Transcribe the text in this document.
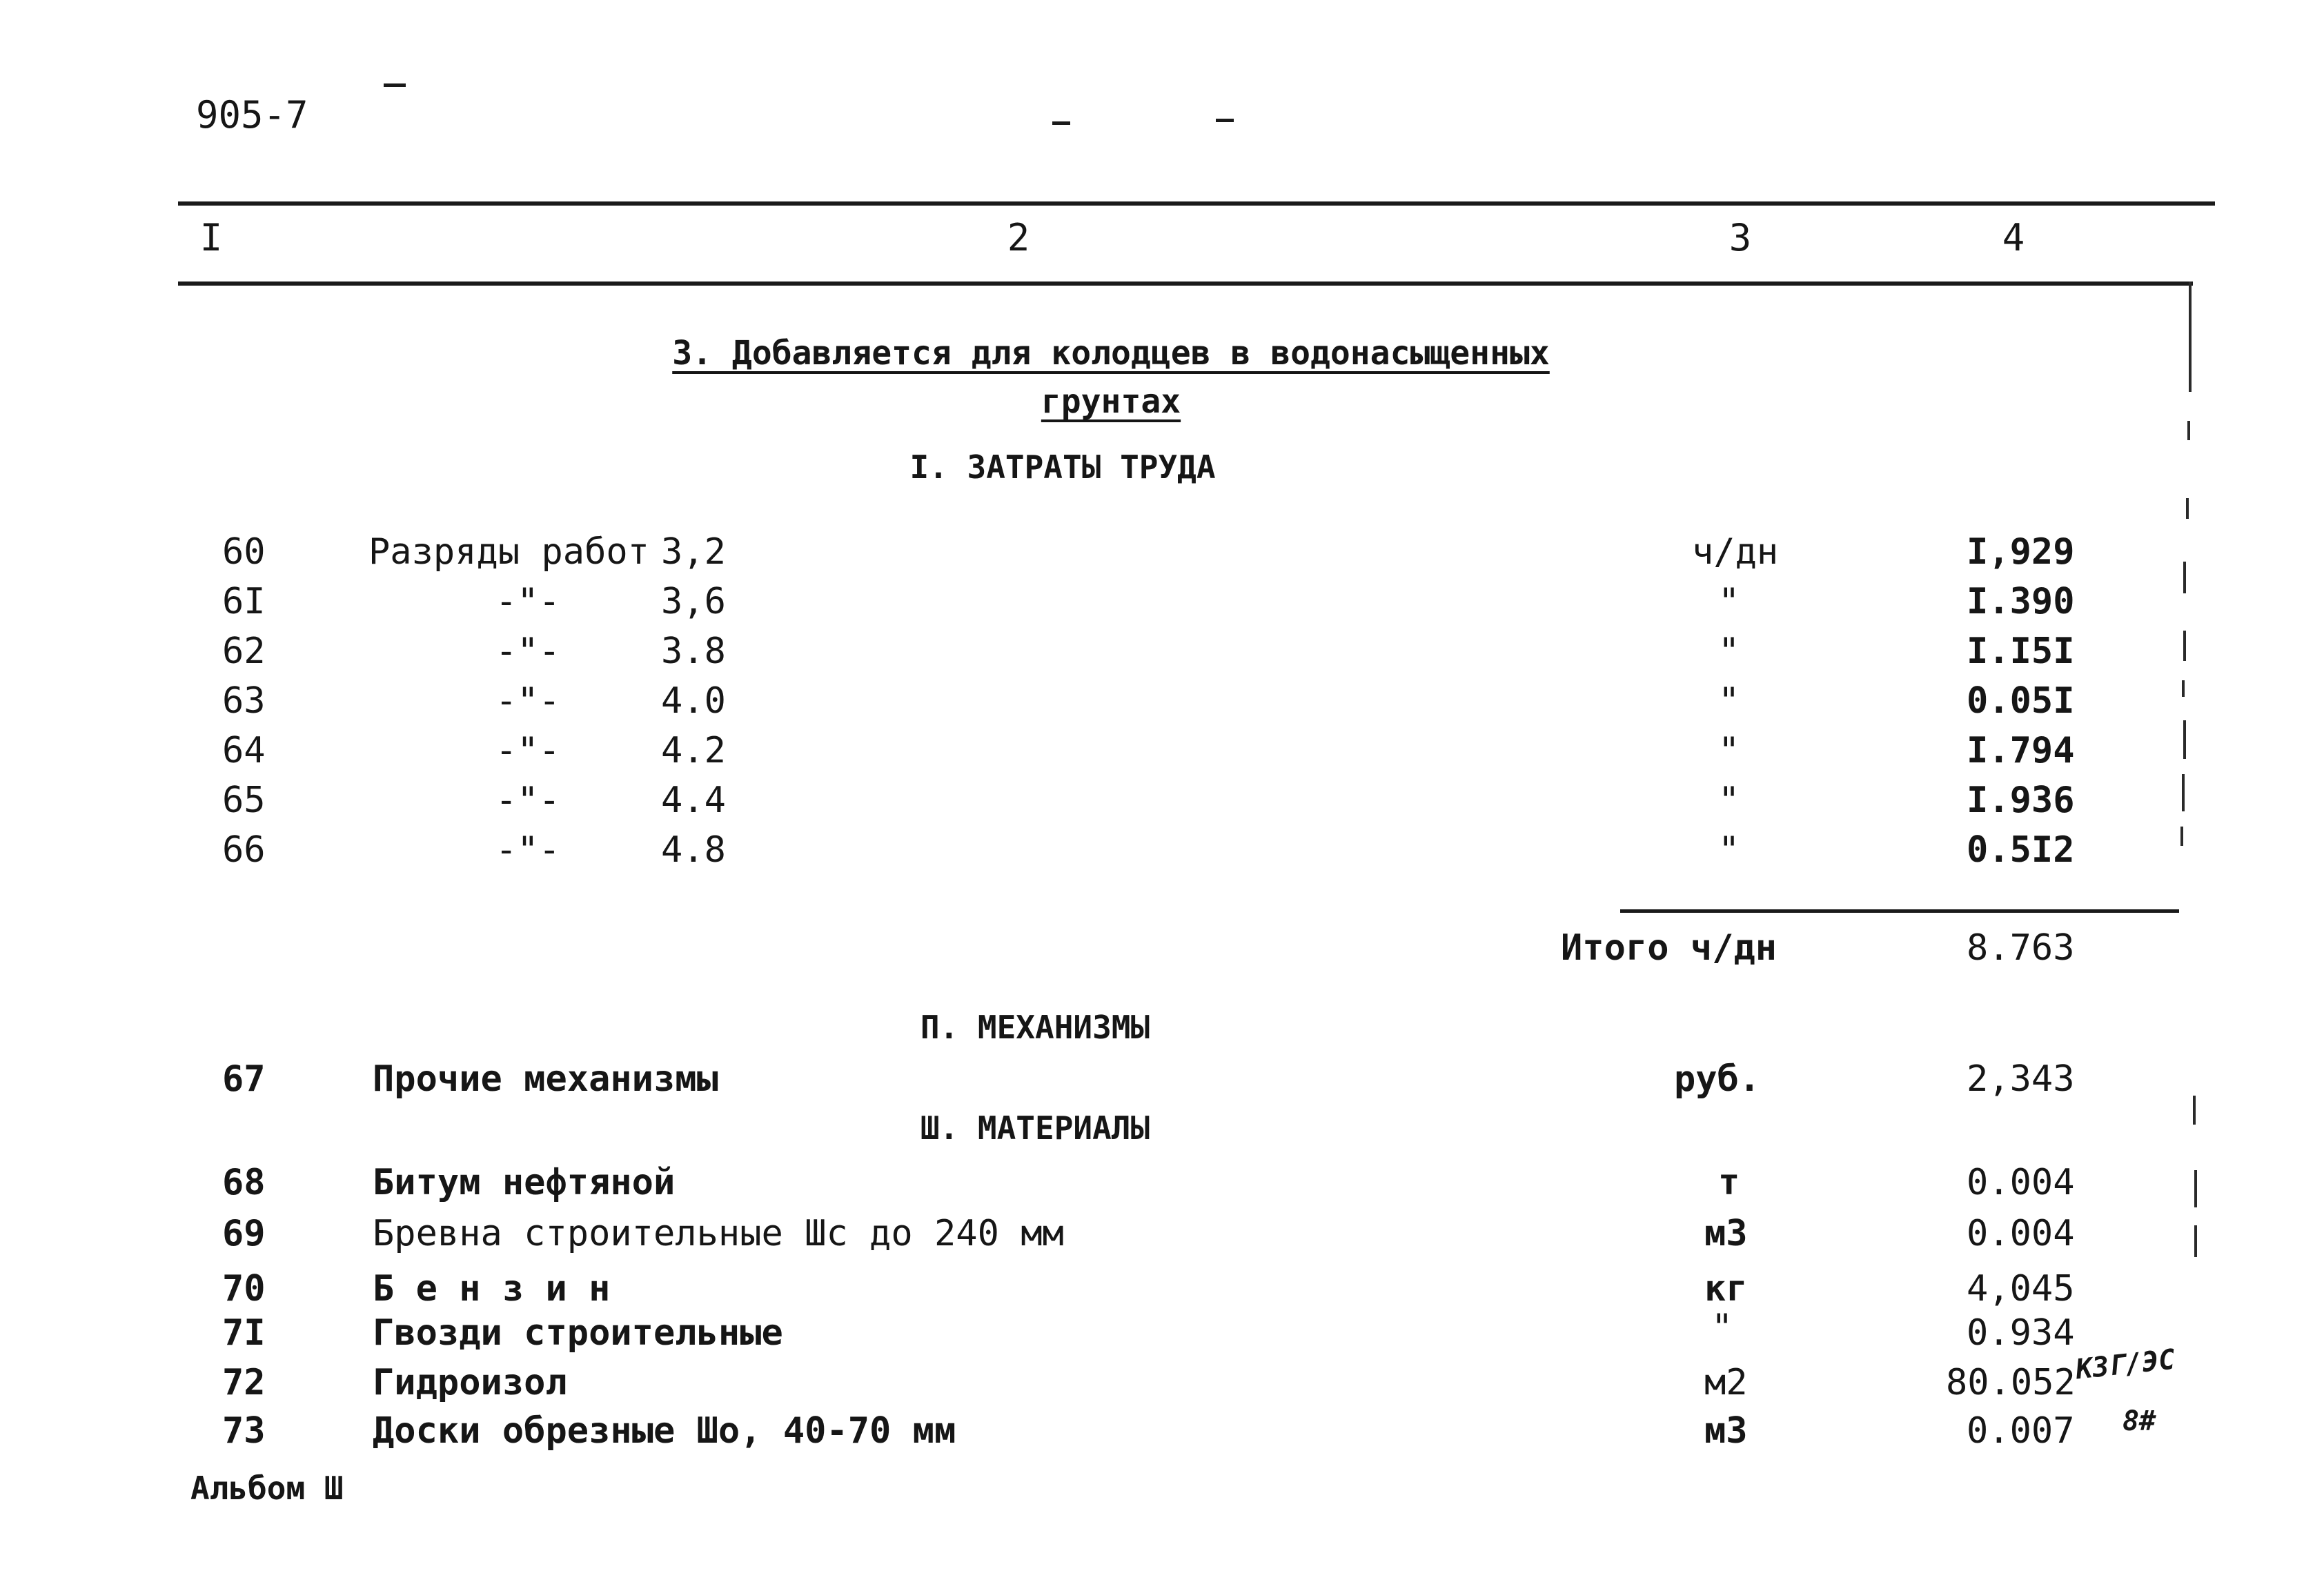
905-7
I	2	3	4
3. Добавляется для колодцев в водонасыщенных
грунтах
I. ЗАТРАТЫ ТРУДА
60	Разряды работ 3,2	ч/дн	I,929
6I	-"-	3,6	"	I.390
62	-"-	3.8	"	I.I5I
63	-"-	4.0	"	0.05I
64	-"-	4.2	"	I.794
65	-"-	4.4	"	I.936
66	-"-	4.8	"	0.5I2
Итого ч/дн	8.763
П. МЕХАНИЗМЫ
67	Прочие механизмы	руб.	2,343
Ш. МАТЕРИАЛЫ
68	Битум нефтяной	т	0.004
69	Бревна строительные Шс до 240 мм	м3	0.004
70	Б е н з и н	кг	4,045
7I	Гвозди строительные	"	0.934
72	Гидроизол	м2	80.052
73	Доски обрезные Шо, 40-70 мм	м3	0.007
КЗГ/ЭС
8#
Альбом Ш
